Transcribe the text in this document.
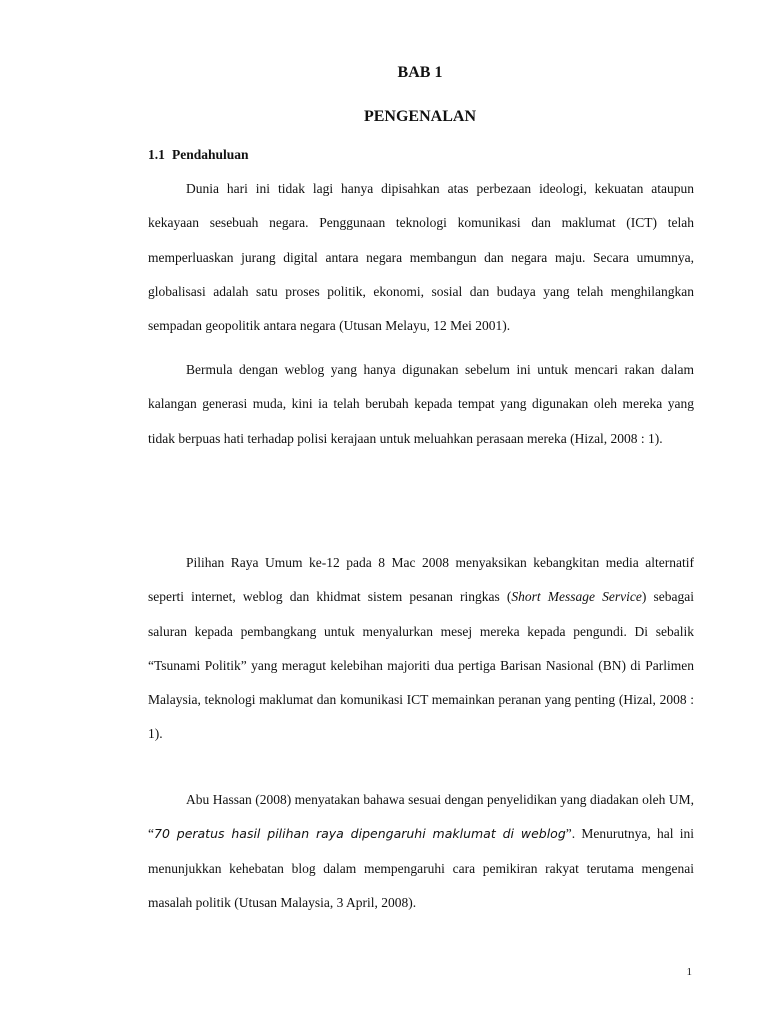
BAB 1
PENGENALAN
1.1 Pendahuluan

Dunia hari ini tidak lagi hanya dipisahkan atas perbezaan ideologi, kekuatan ataupun kekayaan sesebuah negara. Penggunaan teknologi komunikasi dan maklumat (ICT) telah memperluaskan jurang digital antara negara membangun dan negara maju. Secara umumnya, globalisasi adalah satu proses politik, ekonomi, sosial dan budaya yang telah menghilangkan sempadan geopolitik antara negara (Utusan Melayu, 12 Mei 2001).

Bermula dengan weblog yang hanya digunakan sebelum ini untuk mencari rakan dalam kalangan generasi muda, kini ia telah berubah kepada tempat yang digunakan oleh mereka yang tidak berpuas hati terhadap polisi kerajaan untuk meluahkan perasaan mereka (Hizal, 2008 : 1).

Pilihan Raya Umum ke-12 pada 8 Mac 2008 menyaksikan kebangkitan media alternatif seperti internet, weblog dan khidmat sistem pesanan ringkas (Short Message Service) sebagai saluran kepada pembangkang untuk menyalurkan mesej mereka kepada pengundi. Di sebalik “Tsunami Politik” yang meragut kelebihan majoriti dua pertiga Barisan Nasional (BN) di Parlimen Malaysia, teknologi maklumat dan komunikasi ICT memainkan peranan yang penting (Hizal, 2008 : 1).

Abu Hassan (2008) menyatakan bahawa sesuai dengan penyelidikan yang diadakan oleh UM, “70 peratus hasil pilihan raya dipengaruhi maklumat di weblog”. Menurutnya, hal ini menunjukkan kehebatan blog dalam mempengaruhi cara pemikiran rakyat terutama mengenai masalah politik (Utusan Malaysia, 3 April, 2008).

1
